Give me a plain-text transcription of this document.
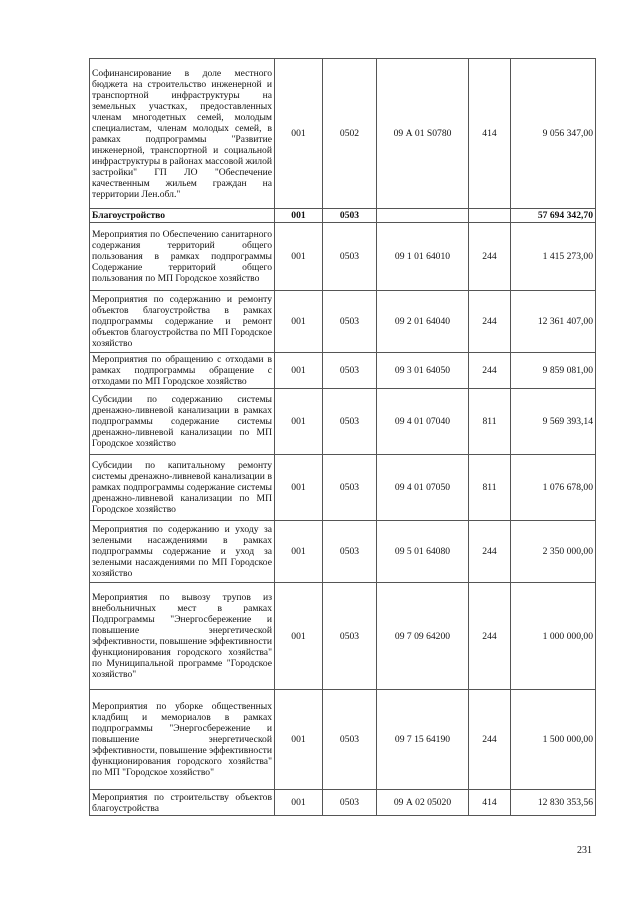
Софинансирование в доле местного бюджета на строительство инженерной и транспортной инфраструктуры на земельных участках, предоставленных членам многодетных семей, молодым специалистам, членам молодых семей, в рамках подпрограммы "Развитие инженерной, транспортной и социальной инфраструктуры в районах массовой жилой застройки" ГП ЛО "Обеспечение качественным жильем граждан на территории Лен.обл."	001	0502	09 А 01 S0780	414	9 056 347,00
Благоустройство	001	0503			57 694 342,70
Мероприятия по Обеспечению санитарного содержания территорий общего пользования в рамках подпрограммы Содержание территорий общего пользования по МП Городское хозяйство	001	0503	09 1 01 64010	244	1 415 273,00
Мероприятия по содержанию и ремонту объектов благоустройства в рамках подпрограммы содержание и ремонт объектов благоустройства по МП Городское хозяйство	001	0503	09 2 01 64040	244	12 361 407,00
Мероприятия по обращению с отходами в рамках подпрограммы обращение с отходами по МП Городское хозяйство	001	0503	09 3 01 64050	244	9 859 081,00
Субсидии по содержанию системы дренажно-ливневой канализации в рамках подпрограммы содержание системы дренажно-ливневой канализации по МП Городское хозяйство	001	0503	09 4 01 07040	811	9 569 393,14
Субсидии по капитальному ремонту системы дренажно-ливневой канализации в рамках подпрограммы содержание системы дренажно-ливневой канализации по МП Городское хозяйство	001	0503	09 4 01 07050	811	1 076 678,00
Мероприятия по содержанию и уходу за зелеными насаждениями в рамках подпрограммы содержание и уход за зелеными насаждениями по МП Городское хозяйство	001	0503	09 5 01 64080	244	2 350 000,00
Мероприятия по вывозу трупов из внебольничных мест в рамках Подпрограммы "Энергосбережение и повышение энергетической эффективности, повышение эффективности функционирования городского хозяйства" по Муниципальной программе "Городское хозяйство"	001	0503	09 7 09 64200	244	1 000 000,00
Мероприятия по уборке общественных кладбищ и мемориалов в рамках подпрограммы "Энергосбережение и повышение энергетической эффективности, повышение эффективности функционирования городского хозяйства" по МП "Городское хозяйство"	001	0503	09 7 15 64190	244	1 500 000,00
Мероприятия по строительству объектов благоустройства	001	0503	09 А 02 05020	414	12 830 353,56
231
